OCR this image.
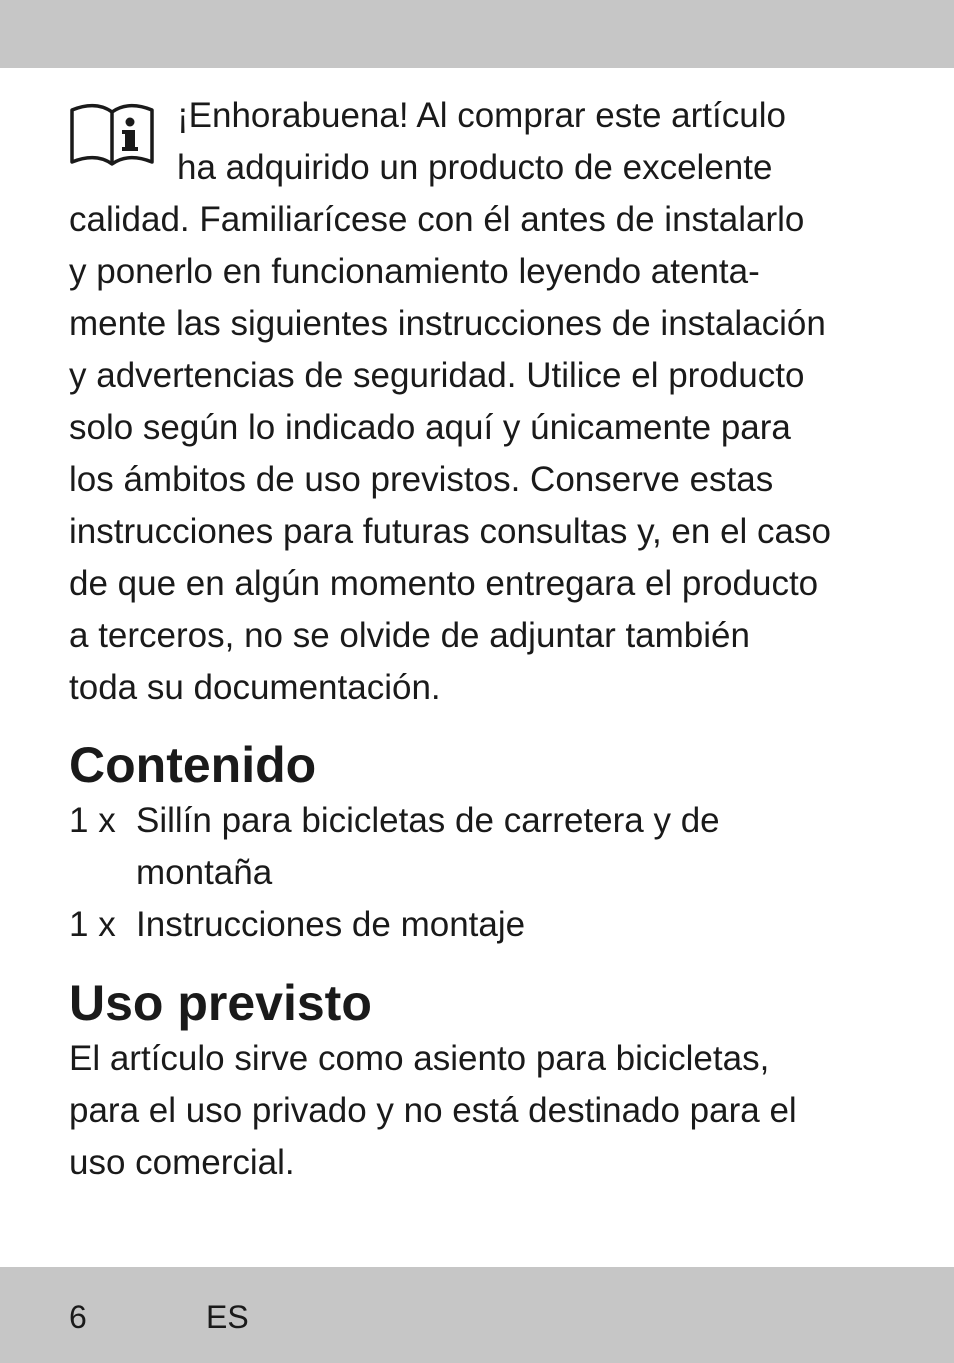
¡Enhorabuena! Al comprar este artículo
ha adquirido un producto de excelente
calidad. Familiarícese con él antes de instalarlo
y ponerlo en funcionamiento leyendo atenta-
mente las siguientes instrucciones de instalación
y advertencias de seguridad. Utilice el producto
solo según lo indicado aquí y únicamente para
los ámbitos de uso previstos. Conserve estas
instrucciones para futuras consultas y, en el caso
de que en algún momento entregara el producto
a terceros, no se olvide de adjuntar también
toda su documentación.
Contenido
1 x Sillín para bicicletas de carretera y de
montaña
1 x Instrucciones de montaje
Uso previsto
El artículo sirve como asiento para bicicletas,
para el uso privado y no está destinado para el
uso comercial.
6	ES
